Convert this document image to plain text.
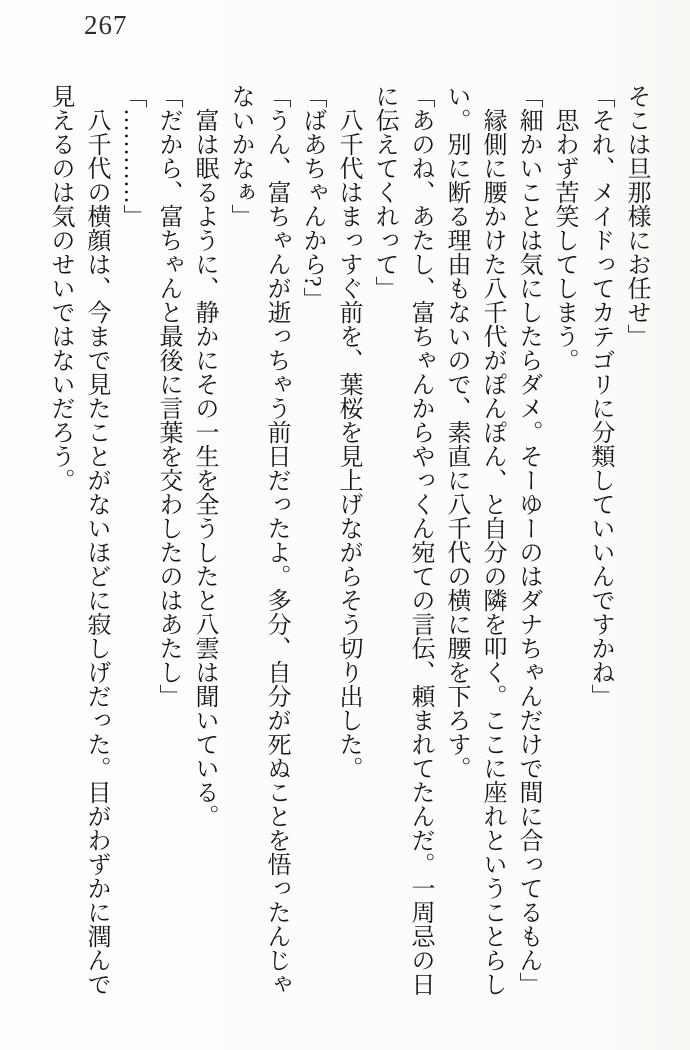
267

そこは旦那様にお任せ」

「それ、メイドってカテゴリに分類していいんですかね」

思わず苦笑してしまう。

「細かいことは気にしたらダメ。そーゆーのはダナちゃんだけで間に合ってるもん」

縁側に腰かけた八千代がぽんぽん、と自分の隣を叩く。ここに座れということらし

い。別に断る理由もないので、素直に八千代の横に腰を下ろす。

「あのね、あたし、富ちゃんからやっくん宛ての言伝、頼まれてたんだ。一周忌の日

に伝えてくれって」

八千代はまっすぐ前を、葉桜を見上げながらそう切り出した。

「ばあちゃんから?」

「うん、富ちゃんが逝っちゃう前日だったよ。多分、自分が死ぬことを悟ったんじゃ

ないかなぁ」

富は眠るように、静かにその一生を全うしたと八雲は聞いている。

「だから、富ちゃんと最後に言葉を交わしたのはあたし」

「…………」

八千代の横顔は、今まで見たことがないほどに寂しげだった。目がわずかに潤んで

見えるのは気のせいではないだろう。
